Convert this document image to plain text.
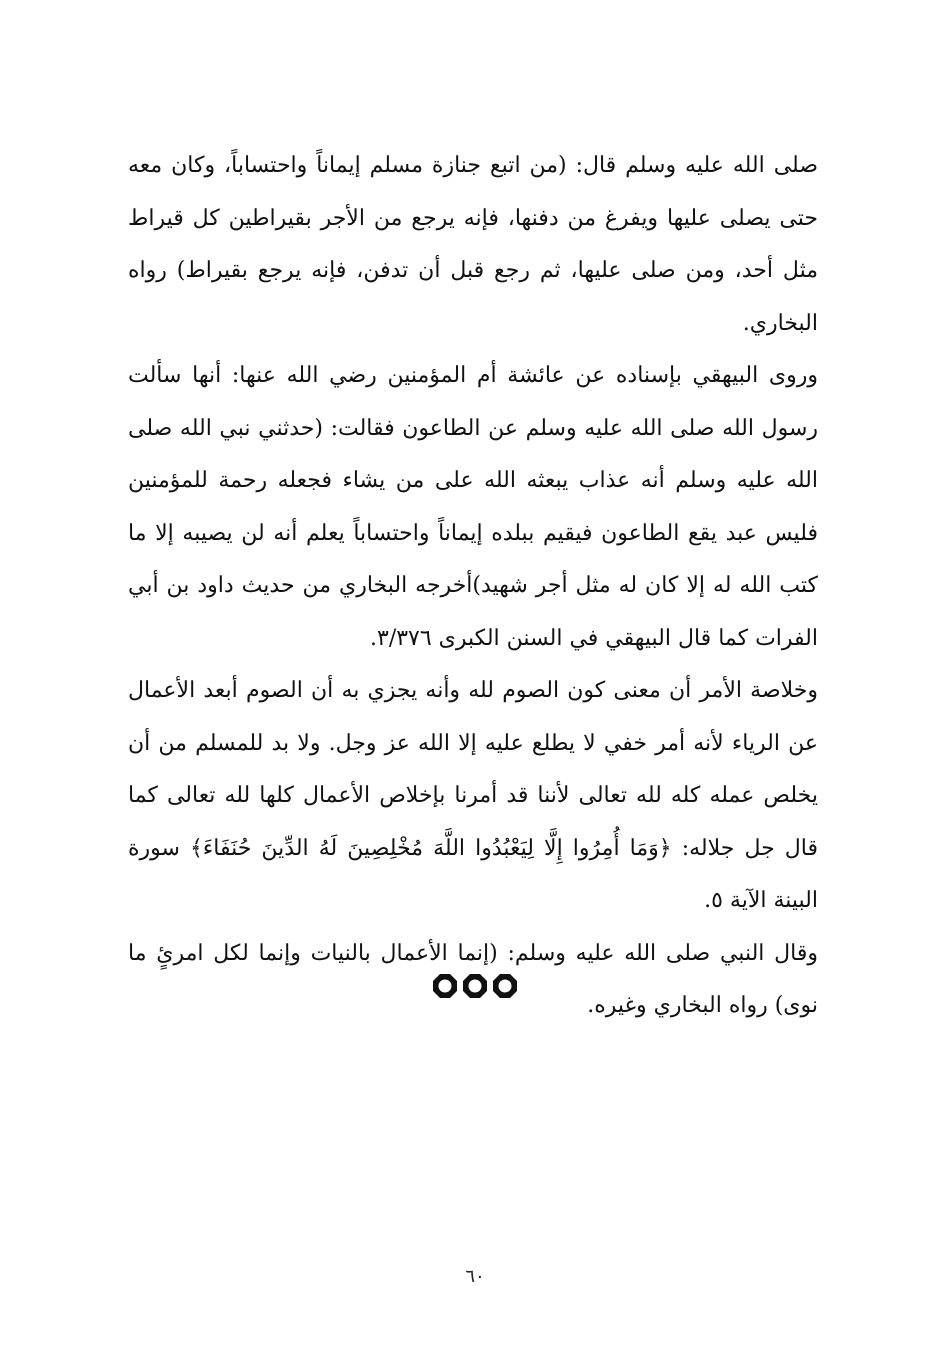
صلى الله عليه وسلم قال: (من اتبع جنازة مسلم إيماناً واحتساباً، وكان معه حتى يصلى عليها ويفرغ من دفنها، فإنه يرجع من الأجر بقيراطين كل قيراط مثل أحد، ومن صلى عليها، ثم رجع قبل أن تدفن، فإنه يرجع بقيراط) رواه البخاري.

وروى البيهقي بإسناده عن عائشة أم المؤمنين رضي الله عنها: أنها سألت رسول الله صلى الله عليه وسلم عن الطاعون فقالت: (حدثني نبي الله صلى الله عليه وسلم أنه عذاب يبعثه الله على من يشاء فجعله رحمة للمؤمنين فليس عبد يقع الطاعون فيقيم ببلده إيماناً واحتساباً يعلم أنه لن يصيبه إلا ما كتب الله له إلا كان له مثل أجر شهيد)أخرجه البخاري من حديث داود بن أبي الفرات كما قال البيهقي في السنن الكبرى ٣/٣٧٦.

وخلاصة الأمر أن معنى كون الصوم لله وأنه يجزي به أن الصوم أبعد الأعمال عن الرياء لأنه أمر خفي لا يطلع عليه إلا الله عز وجل. ولا بد للمسلم من أن يخلص عمله كله لله تعالى لأننا قد أمرنا بإخلاص الأعمال كلها لله تعالى كما قال جل جلاله: ﴿وَمَا أُمِرُوا إِلَّا لِيَعْبُدُوا اللَّهَ مُخْلِصِينَ لَهُ الدِّينَ حُنَفَاءَ﴾ سورة البينة الآية ٥.

وقال النبي صلى الله عليه وسلم: (إنما الأعمال بالنيات وإنما لكل امرئٍ ما نوى) رواه البخاري وغيره.

٦٠
